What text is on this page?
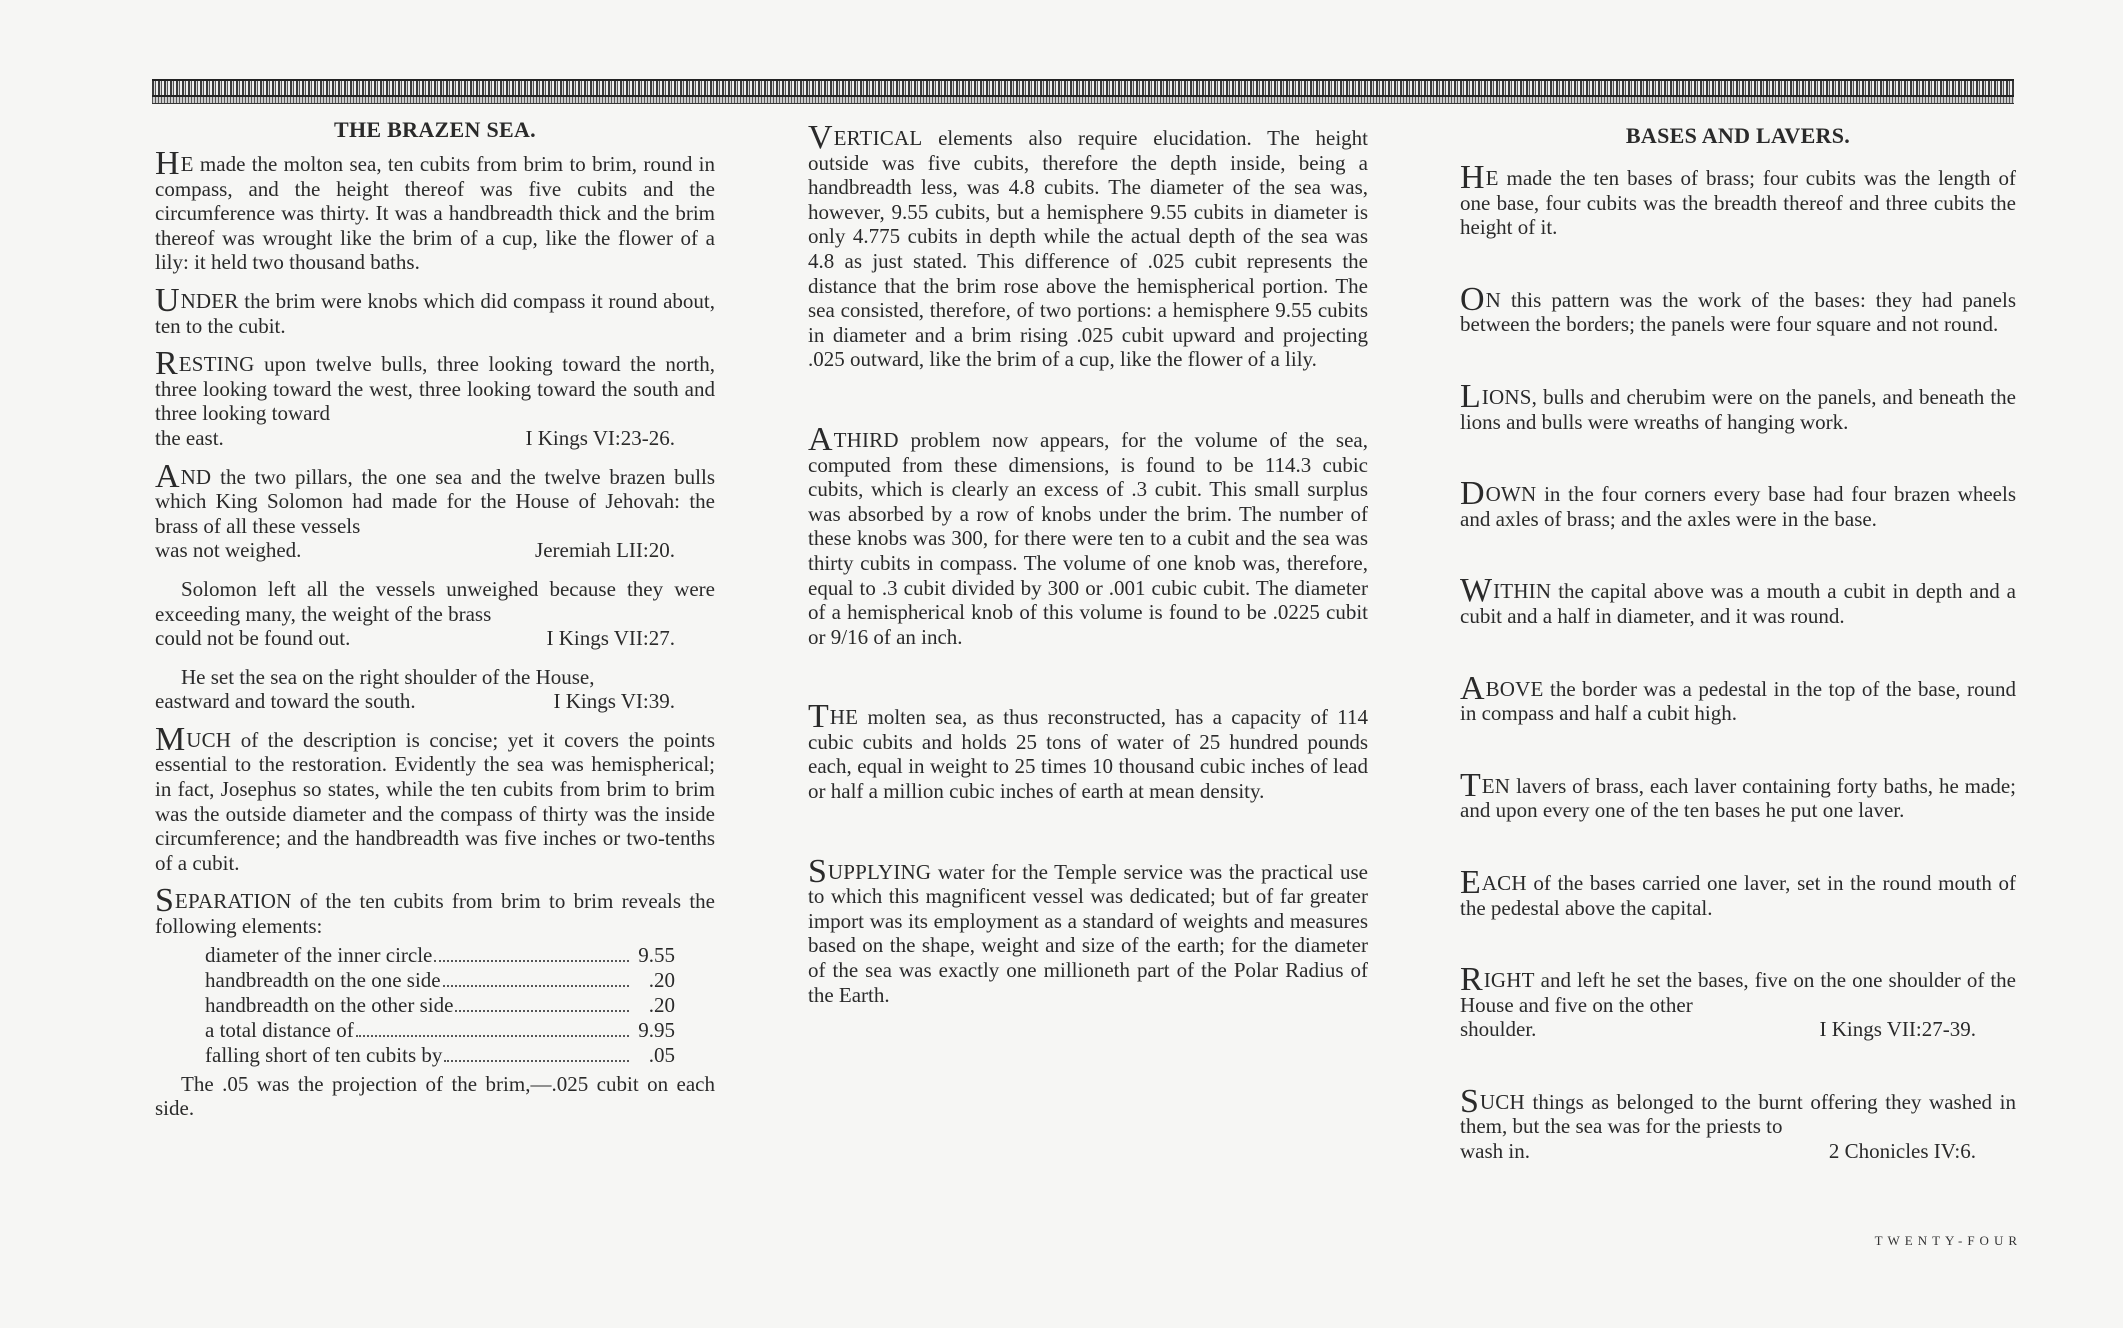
THE BRAZEN SEA.

HE made the molton sea, ten cubits from brim to brim, round in compass, and the height thereof was five cubits and the circumference was thirty. It was a handbreadth thick and the brim thereof was wrought like the brim of a cup, like the flower of a lily: it held two thousand baths.

UNDER the brim were knobs which did compass it round about, ten to the cubit.

RESTING upon twelve bulls, three looking toward the north, three looking toward the west, three looking toward the south and three looking toward

the east.	I Kings VI:23-26.

AND the two pillars, the one sea and the twelve brazen bulls which King Solomon had made for the House of Jehovah: the brass of all these vessels

was not weighed.	Jeremiah LII:20.

Solomon left all the vessels unweighed because they were exceeding many, the weight of the brass

could not be found out.	I Kings VII:27.

He set the sea on the right shoulder of the House,

eastward and toward the south.	I Kings VI:39.

MUCH of the description is concise; yet it covers the points essential to the restoration. Evidently the sea was hemispherical; in fact, Josephus so states, while the ten cubits from brim to brim was the outside diameter and the compass of thirty was the inside circumference; and the handbreadth was five inches or two-tenths of a cubit.

SEPARATION of the ten cubits from brim to brim reveals the following elements:

diameter of the inner circle	9.55
handbreadth on the one side	.20
handbreadth on the other side	.20
a total distance of	9.95
falling short of ten cubits by	.05

The .05 was the projection of the brim,—.025 cubit on each side.

VERTICAL elements also require elucidation. The height outside was five cubits, therefore the depth inside, being a handbreadth less, was 4.8 cubits. The diameter of the sea was, however, 9.55 cubits, but a hemisphere 9.55 cubits in diameter is only 4.775 cubits in depth while the actual depth of the sea was 4.8 as just stated. This difference of .025 cubit represents the distance that the brim rose above the hemispherical portion. The sea consisted, therefore, of two portions: a hemisphere 9.55 cubits in diameter and a brim rising .025 cubit upward and projecting .025 outward, like the brim of a cup, like the flower of a lily.

ATHIRD problem now appears, for the volume of the sea, computed from these dimensions, is found to be 114.3 cubic cubits, which is clearly an excess of .3 cubit. This small surplus was absorbed by a row of knobs under the brim. The number of these knobs was 300, for there were ten to a cubit and the sea was thirty cubits in compass. The volume of one knob was, therefore, equal to .3 cubit divided by 300 or .001 cubic cubit. The diameter of a hemispherical knob of this volume is found to be .0225 cubit or 9/16 of an inch.

THE molten sea, as thus reconstructed, has a capacity of 114 cubic cubits and holds 25 tons of water of 25 hundred pounds each, equal in weight to 25 times 10 thousand cubic inches of lead or half a million cubic inches of earth at mean density.

SUPPLYING water for the Temple service was the practical use to which this magnificent vessel was dedicated; but of far greater import was its employment as a standard of weights and measures based on the shape, weight and size of the earth; for the diameter of the sea was exactly one millioneth part of the Polar Radius of the Earth.

BASES AND LAVERS.

HE made the ten bases of brass; four cubits was the length of one base, four cubits was the breadth thereof and three cubits the height of it.

ON this pattern was the work of the bases: they had panels between the borders; the panels were four square and not round.

LIONS, bulls and cherubim were on the panels, and beneath the lions and bulls were wreaths of hanging work.

DOWN in the four corners every base had four brazen wheels and axles of brass; and the axles were in the base.

WITHIN the capital above was a mouth a cubit in depth and a cubit and a half in diameter, and it was round.

ABOVE the border was a pedestal in the top of the base, round in compass and half a cubit high.

TEN lavers of brass, each laver containing forty baths, he made; and upon every one of the ten bases he put one laver.

EACH of the bases carried one laver, set in the round mouth of the pedestal above the capital.

RIGHT and left he set the bases, five on the one shoulder of the House and five on the other

shoulder.	I Kings VII:27-39.

SUCH things as belonged to the burnt offering they washed in them, but the sea was for the priests to

wash in.	2 Chonicles IV:6.
TWENTY-FOUR
